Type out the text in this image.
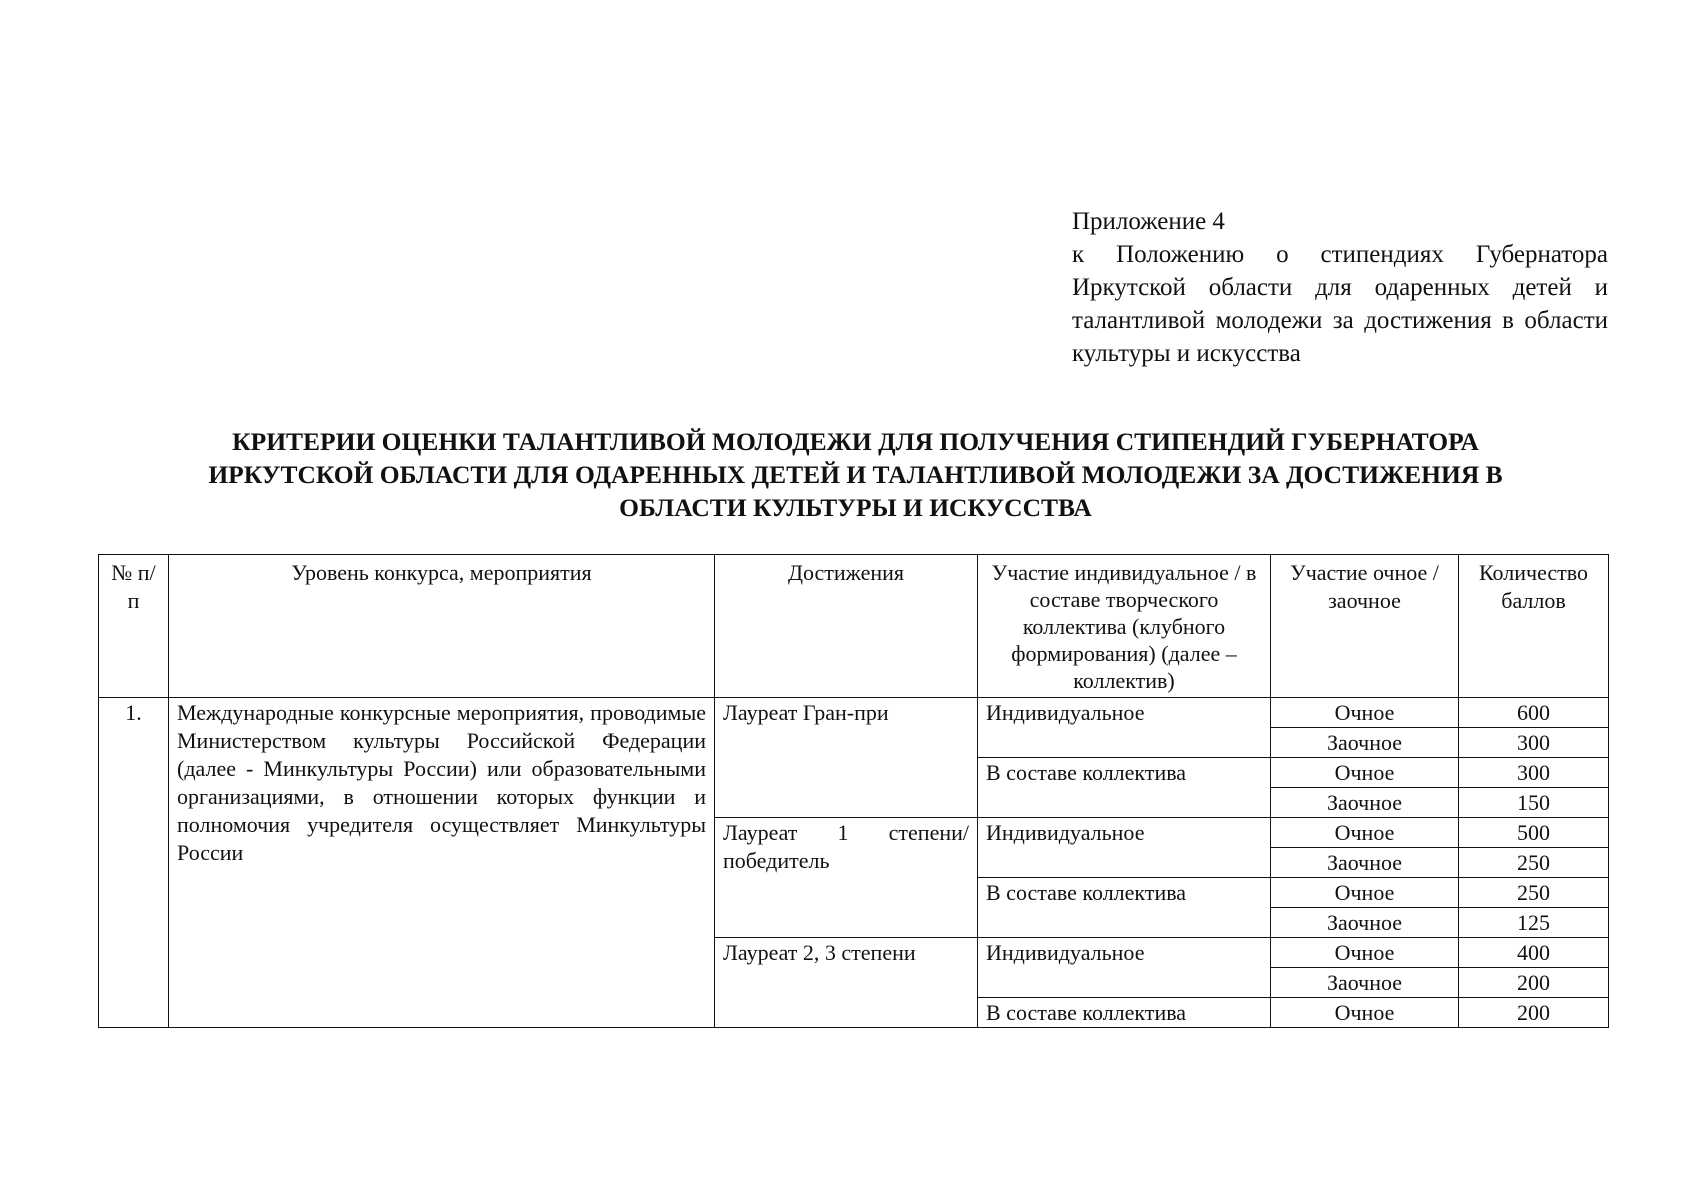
Приложение 4
к Положению о стипендиях Губернатора Иркутской области для одаренных детей и талантливой молодежи за достижения в области культуры и искусства
КРИТЕРИИ ОЦЕНКИ ТАЛАНТЛИВОЙ МОЛОДЕЖИ ДЛЯ ПОЛУЧЕНИЯ СТИПЕНДИЙ ГУБЕРНАТОРА
ИРКУТСКОЙ ОБЛАСТИ ДЛЯ ОДАРЕННЫХ ДЕТЕЙ И ТАЛАНТЛИВОЙ МОЛОДЕЖИ ЗА ДОСТИЖЕНИЯ В
ОБЛАСТИ КУЛЬТУРЫ И ИСКУССТВА
№ п/п	Уровень конкурса, мероприятия	Достижения	Участие индивидуальное / в составе творческого коллектива (клубного формирования) (далее – коллектив)	Участие очное / заочное	Количество баллов
1.	Международные конкурсные мероприятия, проводимые Министерством культуры Российской Федерации (далее - Минкультуры России) или образовательными организациями, в отношении которых функции и полномочия учредителя осуществляет Минкультуры России	Лауреат Гран-при	Индивидуальное	Очное	600
				Заочное	300
			В составе коллектива	Очное	300
				Заочное	150
		Лауреат 1 степени/ победитель	Индивидуальное	Очное	500
				Заочное	250
			В составе коллектива	Очное	250
				Заочное	125
		Лауреат 2, 3 степени	Индивидуальное	Очное	400
				Заочное	200
			В составе коллектива	Очное	200
